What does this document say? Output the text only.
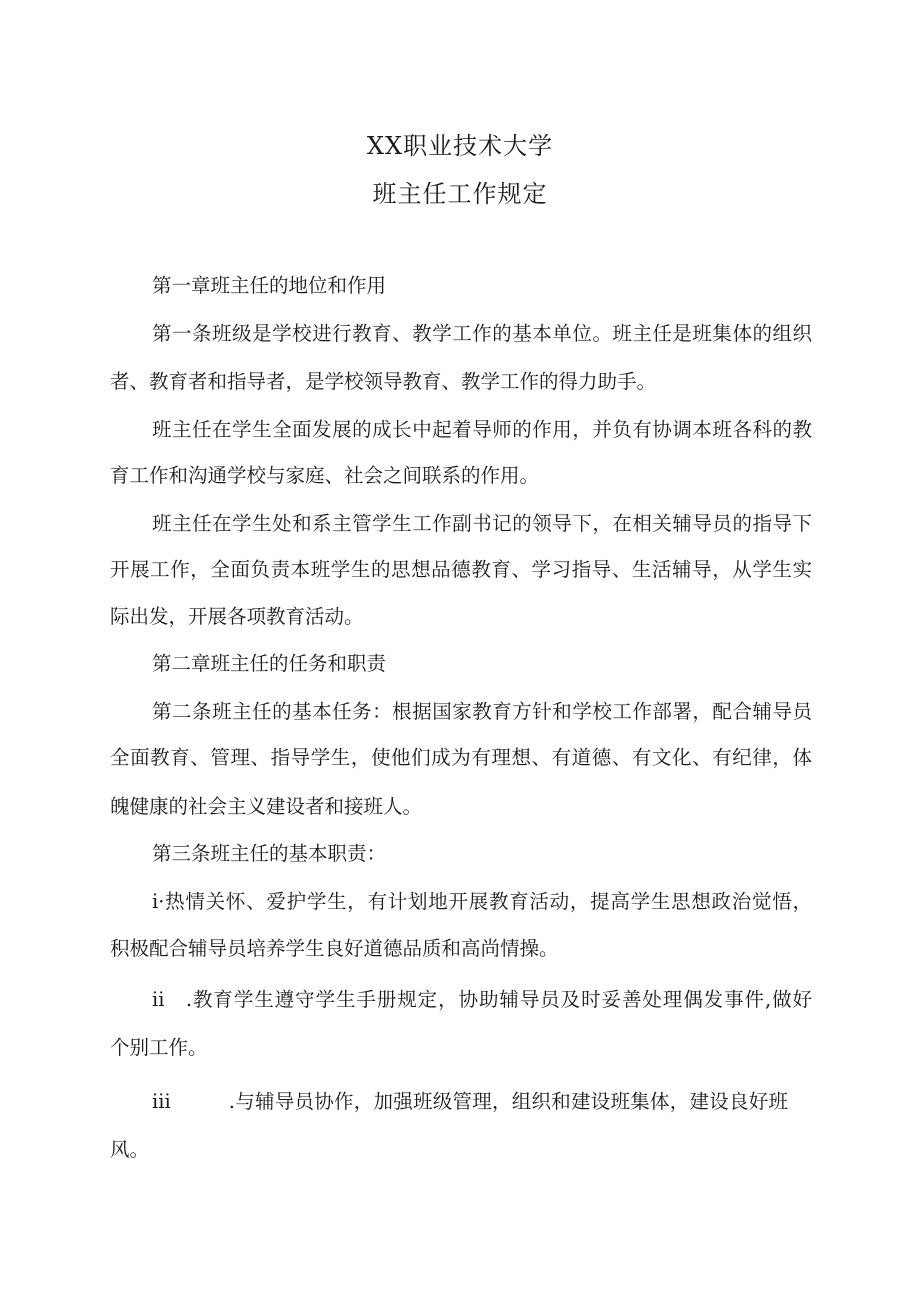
XX职业技术大学
班主任工作规定
第一章班主任的地位和作用
第一条班级是学校进行教育、教学工作的基本单位。班主任是班集体的组织
者、教育者和指导者，是学校领导教育、教学工作的得力助手。
班主任在学生全面发展的成长中起着导师的作用，并负有协调本班各科的教
育工作和沟通学校与家庭、社会之间联系的作用。
班主任在学生处和系主管学生工作副书记的领导下，在相关辅导员的指导下
开展工作，全面负责本班学生的思想品德教育、学习指导、生活辅导，从学生实
际出发，开展各项教育活动。
第二章班主任的任务和职责
第二条班主任的基本任务：根据国家教育方针和学校工作部署，配合辅导员
全面教育、管理、指导学生，使他们成为有理想、有道德、有文化、有纪律，体
魄健康的社会主义建设者和接班人。
第三条班主任的基本职责：
i·热情关怀、爱护学生，有计划地开展教育活动，提高学生思想政治觉悟，
积极配合辅导员培养学生良好道德品质和高尚情操。
ii   .教育学生遵守学生手册规定，协助辅导员及时妥善处理偶发事件,做好
个别工作。
iii         .与辅导员协作，加强班级管理，组织和建设班集体，建设良好班
风。
